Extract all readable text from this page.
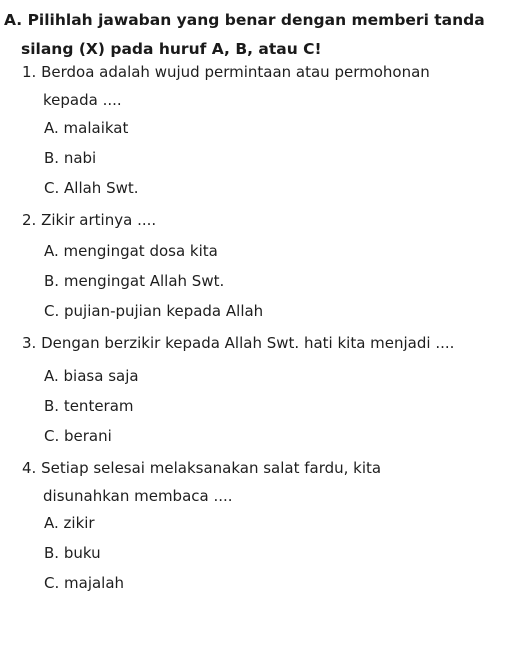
A. Pilihlah jawaban yang benar dengan memberi tanda
silang (X) pada huruf A, B, atau C!
1. Berdoa adalah wujud permintaan atau permohonan
kepada ....
A. malaikat
B. nabi
C. Allah Swt.
2. Zikir artinya ....
A. mengingat dosa kita
B. mengingat Allah Swt.
C. pujian-pujian kepada Allah
3. Dengan berzikir kepada Allah Swt. hati kita menjadi ....
A. biasa saja
B. tenteram
C. berani
4. Setiap selesai melaksanakan salat fardu, kita
disunahkan membaca ....
A. zikir
B. buku
C. majalah
